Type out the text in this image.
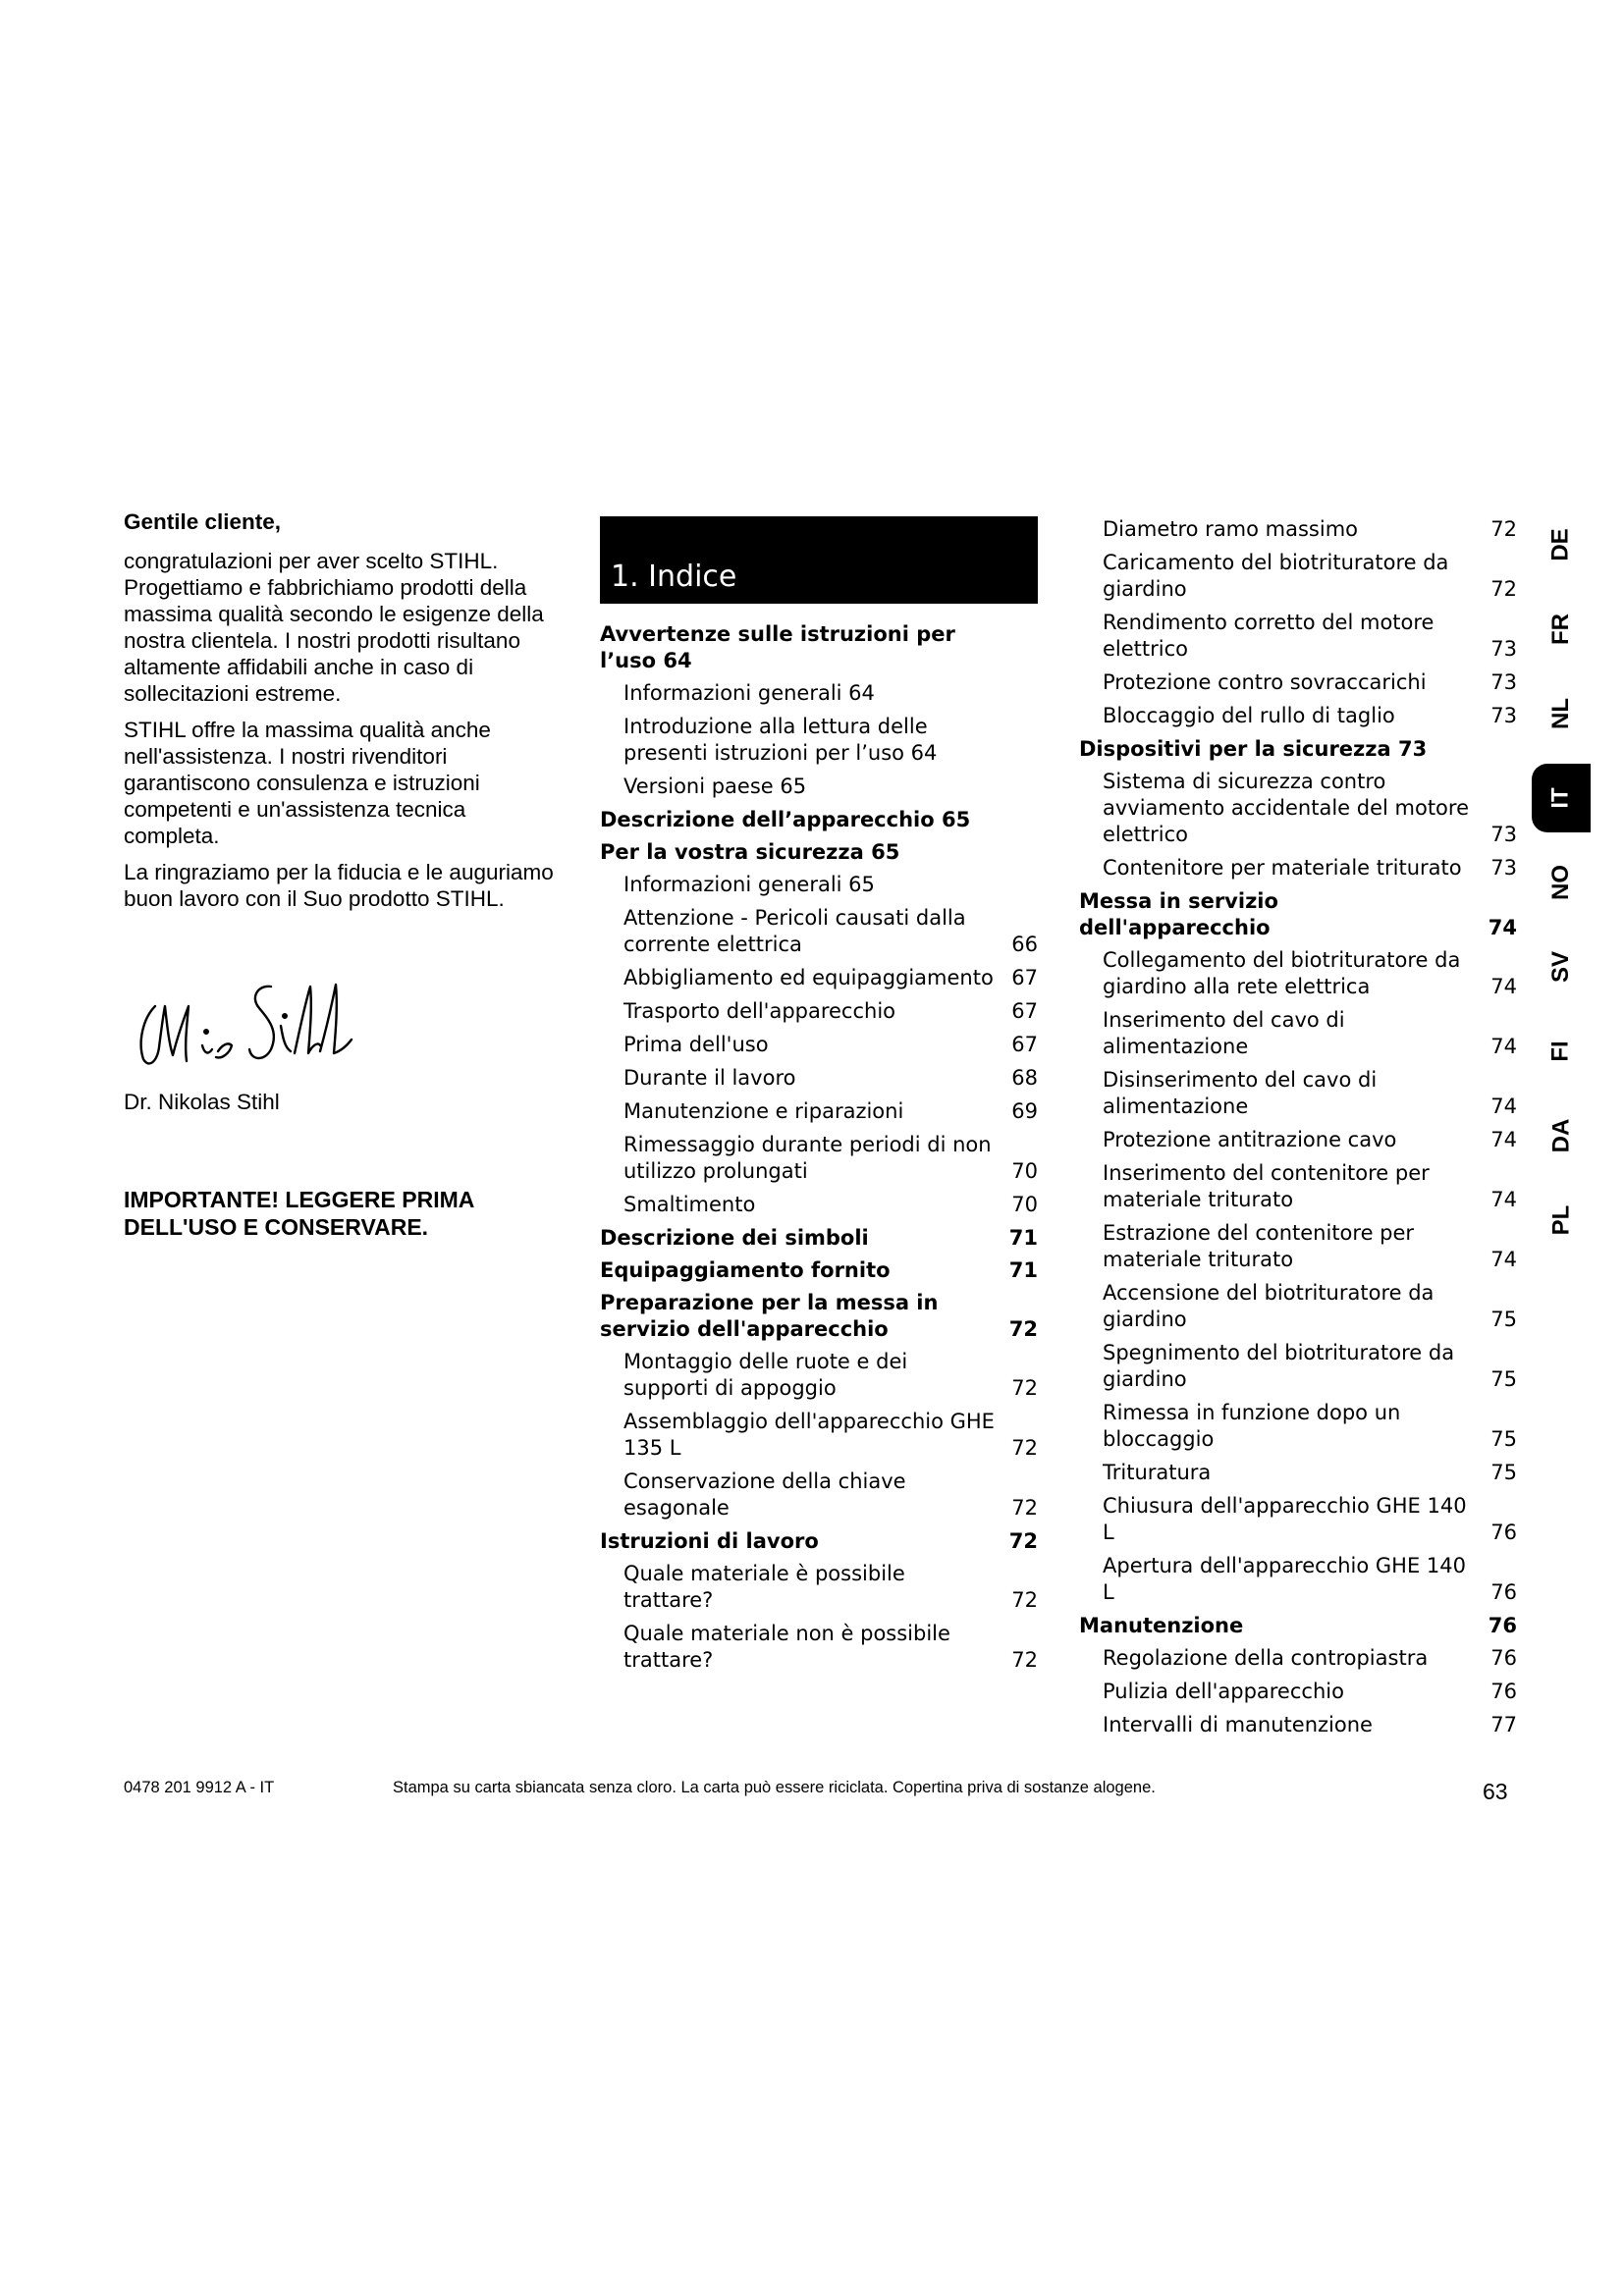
Gentile cliente,

congratulazioni per aver scelto STIHL. Progettiamo e fabbrichiamo prodotti della massima qualità secondo le esigenze della nostra clientela. I nostri prodotti risultano altamente affidabili anche in caso di sollecitazioni estreme.

STIHL offre la massima qualità anche nell'assistenza. I nostri rivenditori garantiscono consulenza e istruzioni competenti e un'assistenza tecnica completa.

La ringraziamo per la fiducia e le auguriamo buon lavoro con il Suo prodotto STIHL.

Dr. Nikolas Stihl
IMPORTANTE! LEGGERE PRIMA DELL'USO E CONSERVARE.
1. Indice
Avvertenze sulle istruzioni per l’uso 64
Informazioni generali 64
Introduzione alla lettura delle presenti istruzioni per l’uso 64
Versioni paese 65
Descrizione dell’apparecchio 65
Per la vostra sicurezza 65
Informazioni generali 65
Attenzione - Pericoli causati dalla corrente elettrica	66
Abbigliamento ed equipaggiamento 67
Trasporto dell'apparecchio	67
Prima dell'uso	67
Durante il lavoro	68
Manutenzione e riparazioni	69
Rimessaggio durante periodi di non utilizzo prolungati	70
Smaltimento	70
Descrizione dei simboli	71
Equipaggiamento fornito	71
Preparazione per la messa in servizio dell'apparecchio	72
Montaggio delle ruote e dei supporti di appoggio	72
Assemblaggio dell'apparecchio GHE 135 L	72
Conservazione della chiave esagonale	72
Istruzioni di lavoro	72
Quale materiale è possibile trattare?	72
Quale materiale non è possibile trattare?	72
Diametro ramo massimo	72
Caricamento del biotrituratore da giardino	72
Rendimento corretto del motore elettrico	73
Protezione contro sovraccarichi	73
Bloccaggio del rullo di taglio	73
Dispositivi per la sicurezza 73
Sistema di sicurezza contro avviamento accidentale del motore elettrico	73
Contenitore per materiale triturato	73
Messa in servizio dell'apparecchio	74
Collegamento del biotrituratore da giardino alla rete elettrica	74
Inserimento del cavo di alimentazione	74
Disinserimento del cavo di alimentazione	74
Protezione antitrazione cavo	74
Inserimento del contenitore per materiale triturato	74
Estrazione del contenitore per materiale triturato	74
Accensione del biotrituratore da giardino	75
Spegnimento del biotrituratore da giardino	75
Rimessa in funzione dopo un bloccaggio	75
Trituratura	75
Chiusura dell'apparecchio GHE 140 L	76
Apertura dell'apparecchio GHE 140 L	76
Manutenzione	76
Regolazione della contropiastra	76
Pulizia dell'apparecchio	76
Intervalli di manutenzione	77
DE
FR
NL
IT
NO
SV
FI
DA
PL
0478 201 9912 A - IT	Stampa su carta sbiancata senza cloro. La carta può essere riciclata. Copertina priva di sostanze alogene.	63
